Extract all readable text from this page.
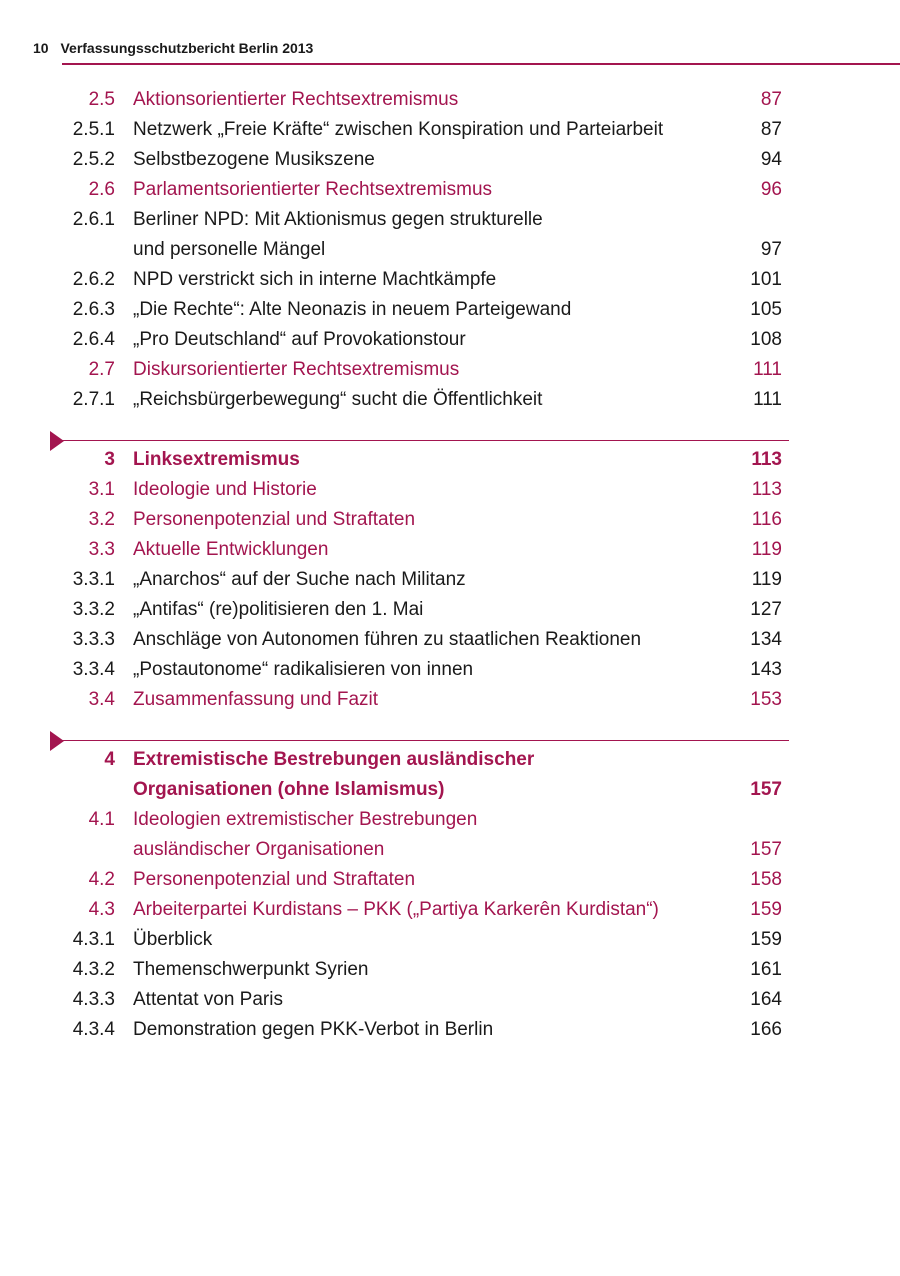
10 Verfassungsschutzbericht Berlin 2013
2.5 Aktionsorientierter Rechtsextremismus	87
2.5.1 Netzwerk „Freie Kräfte“ zwischen Konspiration und Parteiarbeit	87
2.5.2 Selbstbezogene Musikszene	94
2.6 Parlamentsorientierter Rechtsextremismus	96
2.6.1 Berliner NPD: Mit Aktionismus gegen strukturelle
und personelle Mängel	97
2.6.2 NPD verstrickt sich in interne Machtkämpfe	101
2.6.3 „Die Rechte“: Alte Neonazis in neuem Parteigewand	105
2.6.4 „Pro Deutschland“ auf Provokationstour	108
2.7 Diskursorientierter Rechtsextremismus	111
2.7.1 „Reichsbürgerbewegung“ sucht die Öffentlichkeit	111
3 Linksextremismus	113
3.1 Ideologie und Historie	113
3.2 Personenpotenzial und Straftaten	116
3.3 Aktuelle Entwicklungen	119
3.3.1 „Anarchos“ auf der Suche nach Militanz	119
3.3.2 „Antifas“ (re)politisieren den 1. Mai	127
3.3.3 Anschläge von Autonomen führen zu staatlichen Reaktionen	134
3.3.4 „Postautonome“ radikalisieren von innen	143
3.4 Zusammenfassung und Fazit	153
4 Extremistische Bestrebungen ausländischer
Organisationen (ohne Islamismus)	157
4.1 Ideologien extremistischer Bestrebungen
ausländischer Organisationen	157
4.2 Personenpotenzial und Straftaten	158
4.3 Arbeiterpartei Kurdistans – PKK („Partiya Karkerên Kurdistan“)	159
4.3.1 Überblick	159
4.3.2 Themenschwerpunkt Syrien	161
4.3.3 Attentat von Paris	164
4.3.4 Demonstration gegen PKK-Verbot in Berlin	166
